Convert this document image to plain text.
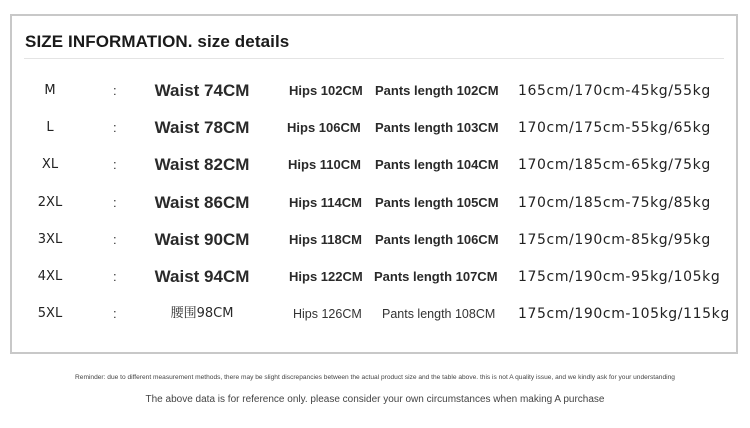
SIZE INFORMATION. size details
M	:	Waist 74CM	Hips 102CM Pants length 102CM 165cm/170cm-45kg/55kg
L	:	Waist 78CM	Hips 106CM Pants length 103CM 170cm/175cm-55kg/65kg
XL	:	Waist 82CM	Hips 110CM Pants length 104CM 170cm/185cm-65kg/75kg
2XL	:	Waist 86CM	Hips 114CM Pants length 105CM 170cm/185cm-75kg/85kg
3XL	:	Waist 90CM	Hips 118CM Pants length 106CM 175cm/190cm-85kg/95kg
4XL	:	Waist 94CM	Hips 122CM Pants length 107CM 175cm/190cm-95kg/105kg
5XL	:	腰围98CM	Hips 126CM Pants length 108CM 175cm/190cm-105kg/115kg
Reminder: due to different measurement methods, there may be slight discrepancies between the actual product size and the table above. this is not A quality issue, and we kindly ask for your understanding
The above data is for reference only. please consider your own circumstances when making A purchase
